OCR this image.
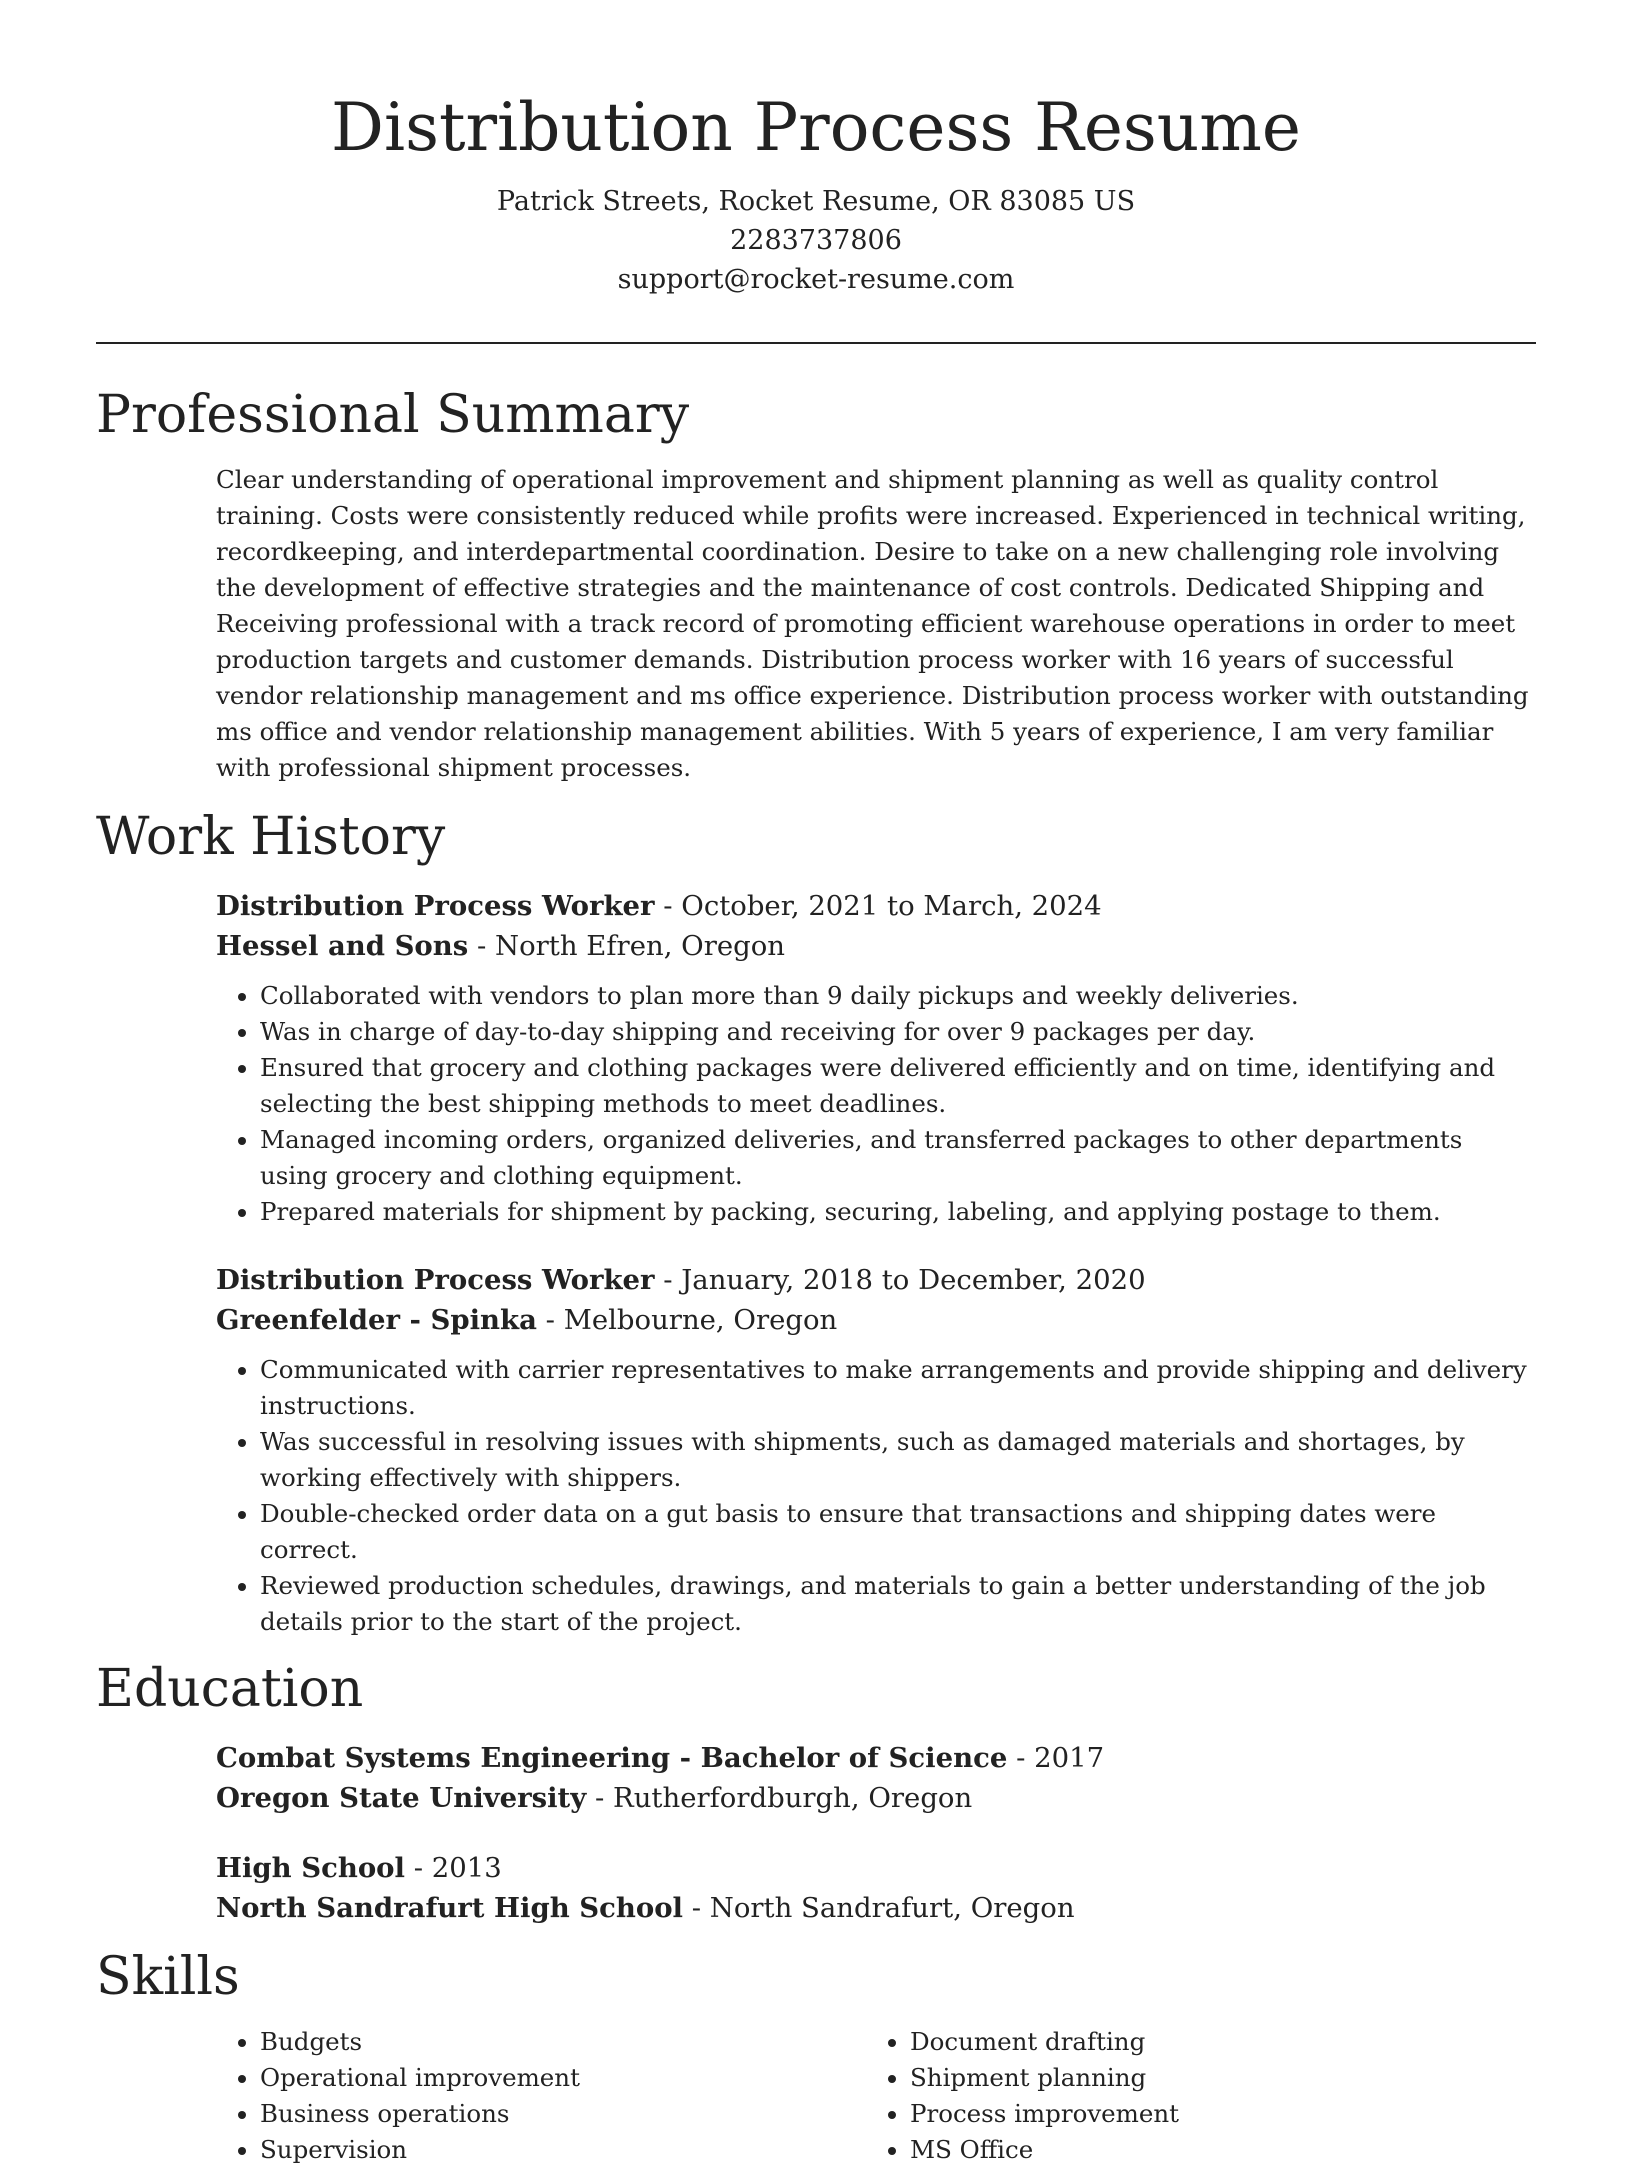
Distribution Process Resume
Patrick Streets, Rocket Resume, OR 83085 US
2283737806
support@rocket-resume.com
Professional Summary

Clear understanding of operational improvement and shipment planning as well as quality control training. Costs were consistently reduced while profits were increased. Experienced in technical writing, recordkeeping, and interdepartmental coordination. Desire to take on a new challenging role involving the development of effective strategies and the maintenance of cost controls. Dedicated Shipping and Receiving professional with a track record of promoting efficient warehouse operations in order to meet production targets and customer demands. Distribution process worker with 16 years of successful vendor relationship management and ms office experience. Distribution process worker with outstanding ms office and vendor relationship management abilities. With 5 years of experience, I am very familiar with professional shipment processes.

Work History
Distribution Process Worker - October, 2021 to March, 2024
Hessel and Sons - North Efren, Oregon
• Collaborated with vendors to plan more than 9 daily pickups and weekly deliveries.
• Was in charge of day-to-day shipping and receiving for over 9 packages per day.
• Ensured that grocery and clothing packages were delivered efficiently and on time, identifying and selecting the best shipping methods to meet deadlines.
• Managed incoming orders, organized deliveries, and transferred packages to other departments using grocery and clothing equipment.
• Prepared materials for shipment by packing, securing, labeling, and applying postage to them.
Distribution Process Worker - January, 2018 to December, 2020
Greenfelder - Spinka - Melbourne, Oregon
• Communicated with carrier representatives to make arrangements and provide shipping and delivery instructions.
• Was successful in resolving issues with shipments, such as damaged materials and shortages, by working effectively with shippers.
• Double-checked order data on a gut basis to ensure that transactions and shipping dates were correct.
• Reviewed production schedules, drawings, and materials to gain a better understanding of the job details prior to the start of the project.
Education
Combat Systems Engineering - Bachelor of Science - 2017
Oregon State University - Rutherfordburgh, Oregon
High School - 2013
North Sandrafurt High School - North Sandrafurt, Oregon
Skills
• Budgets
• Operational improvement
• Business operations
• Supervision
• Document drafting
• Shipment planning
• Process improvement
• MS Office
